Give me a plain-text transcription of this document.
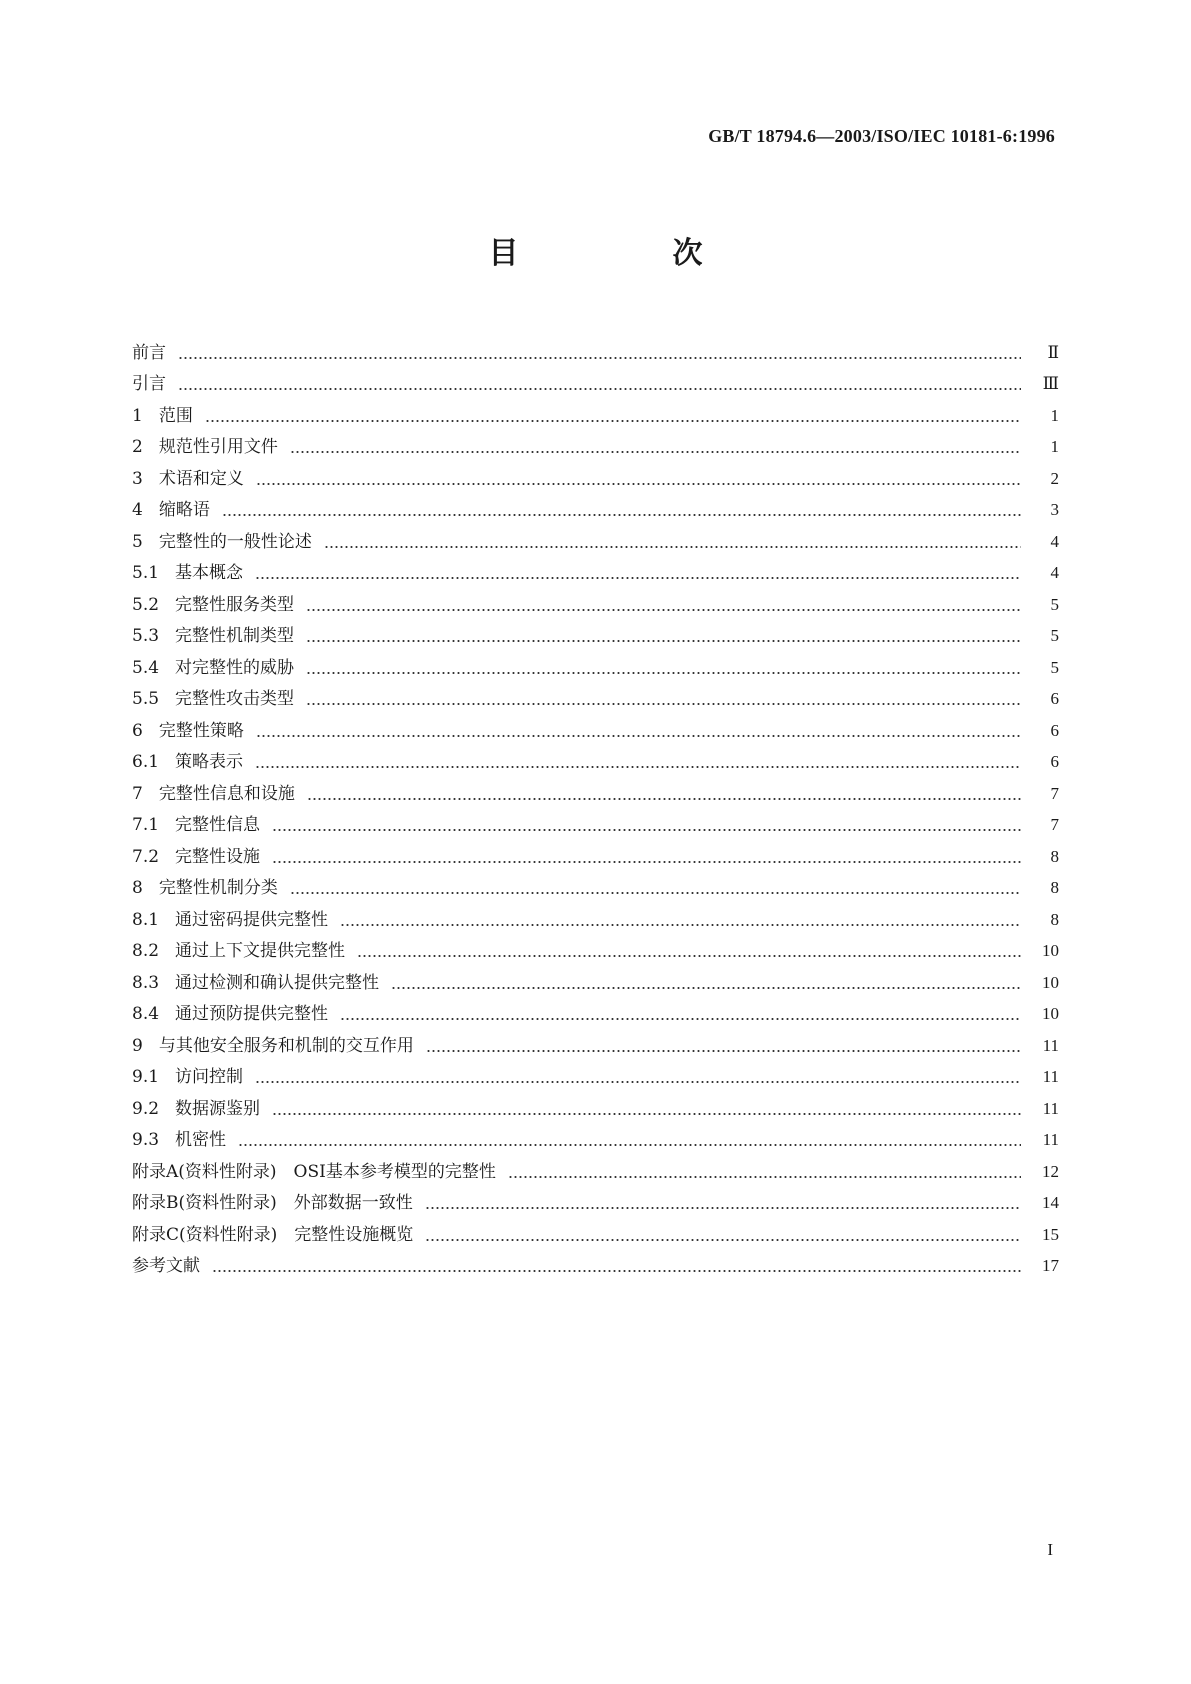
GB/T 18794.6—2003/ISO/IEC 10181-6:1996
目　次
前言	Ⅱ
引言	Ⅲ
1 范围	1
2 规范性引用文件	1
3 术语和定义	2
4 缩略语	3
5 完整性的一般性论述	4
5.1 基本概念	4
5.2 完整性服务类型	5
5.3 完整性机制类型	5
5.4 对完整性的威胁	5
5.5 完整性攻击类型	6
6 完整性策略	6
6.1 策略表示	6
7 完整性信息和设施	7
7.1 完整性信息	7
7.2 完整性设施	8
8 完整性机制分类	8
8.1 通过密码提供完整性	8
8.2 通过上下文提供完整性	10
8.3 通过检测和确认提供完整性	10
8.4 通过预防提供完整性	10
9 与其他安全服务和机制的交互作用	11
9.1 访问控制	11
9.2 数据源鉴别	11
9.3 机密性	11
附录A(资料性附录)　OSI基本参考模型的完整性	12
附录B(资料性附录)　外部数据一致性	14
附录C(资料性附录)　完整性设施概览	15
参考文献	17
I
